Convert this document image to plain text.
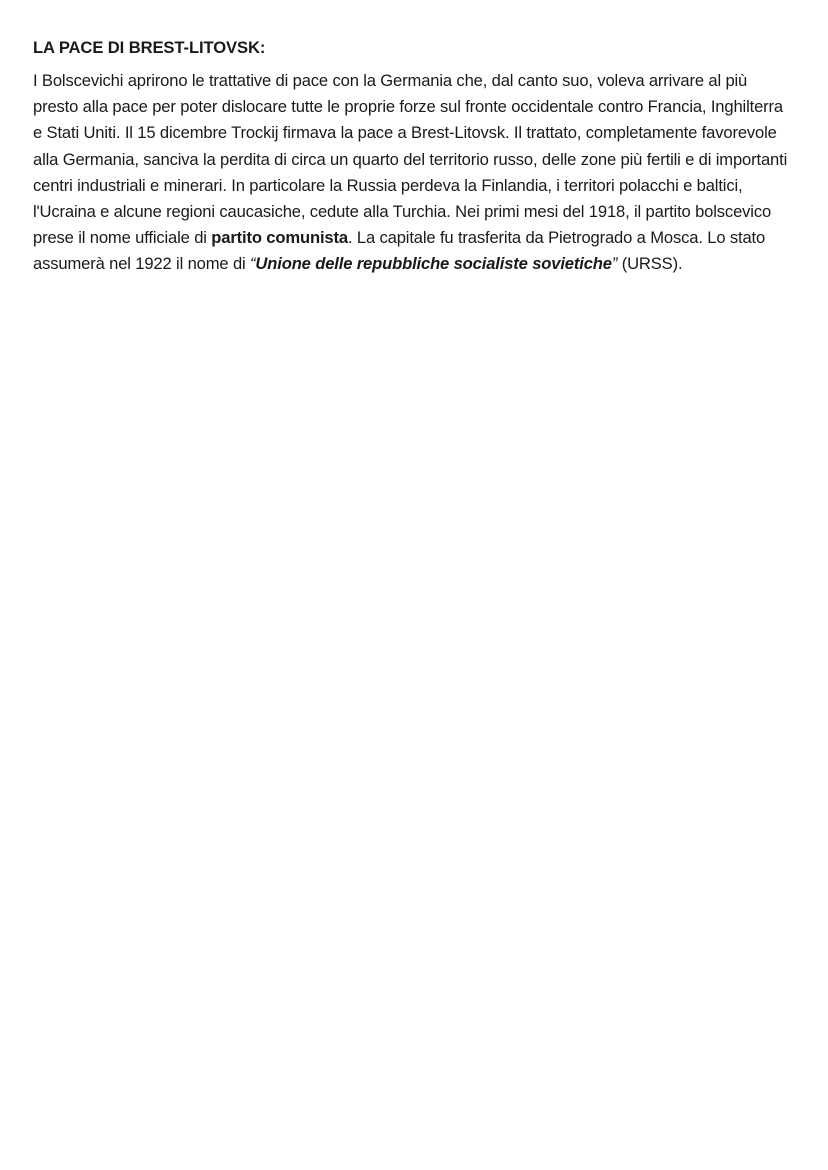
LA PACE DI BREST-LITOVSK:

I Bolscevichi aprirono le trattative di pace con la Germania che, dal canto suo, voleva arrivare al più presto alla pace per poter dislocare tutte le proprie forze sul fronte occidentale contro Francia, Inghilterra e Stati Uniti. Il 15 dicembre Trockij firmava la pace a Brest-Litovsk. Il trattato, completamente favorevole alla Germania, sanciva la perdita di circa un quarto del territorio russo, delle zone più fertili e di importanti centri industriali e minerari. In particolare la Russia perdeva la Finlandia, i territori polacchi e baltici, l'Ucraina e alcune regioni caucasiche, cedute alla Turchia. Nei primi mesi del 1918, il partito bolscevico prese il nome ufficiale di partito comunista. La capitale fu trasferita da Pietrogrado a Mosca. Lo stato assumerà nel 1922 il nome di “Unione delle repubbliche socialiste sovietiche” (URSS).
